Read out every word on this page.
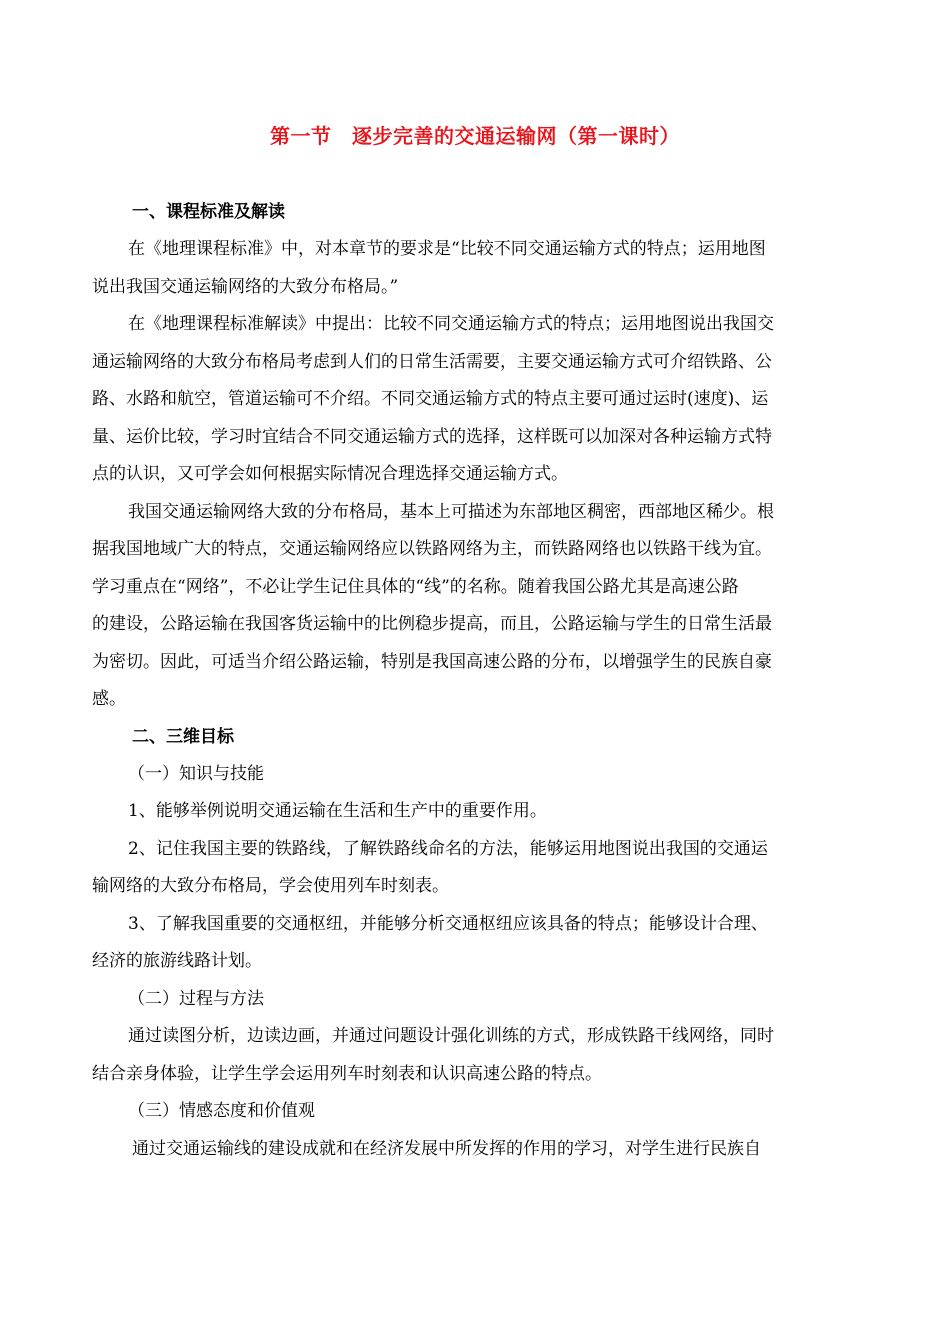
第一节　逐步完善的交通运输网（第一课时）
一、课程标准及解读
在《地理课程标准》中，对本章节的要求是“比较不同交通运输方式的特点；运用地图
说出我国交通运输网络的大致分布格局。”
在《地理课程标准解读》中提出：比较不同交通运输方式的特点；运用地图说出我国交
通运输网络的大致分布格局考虑到人们的日常生活需要，主要交通运输方式可介绍铁路、公
路、水路和航空，管道运输可不介绍。不同交通运输方式的特点主要可通过运时(速度)、运
量、运价比较，学习时宜结合不同交通运输方式的选择，这样既可以加深对各种运输方式特
点的认识，又可学会如何根据实际情况合理选择交通运输方式。
我国交通运输网络大致的分布格局，基本上可描述为东部地区稠密，西部地区稀少。根
据我国地域广大的特点，交通运输网络应以铁路网络为主，而铁路网络也以铁路干线为宜。
学习重点在“网络”，不必让学生记住具体的“线”的名称。随着我国公路尤其是高速公路
的建设，公路运输在我国客货运输中的比例稳步提高，而且，公路运输与学生的日常生活最
为密切。因此，可适当介绍公路运输，特别是我国高速公路的分布，以增强学生的民族自豪
感。
二、三维目标

（一）知识与技能

1、能够举例说明交通运输在生活和生产中的重要作用。
2、记住我国主要的铁路线，了解铁路线命名的方法，能够运用地图说出我国的交通运
输网络的大致分布格局，学会使用列车时刻表。
3、了解我国重要的交通枢纽，并能够分析交通枢纽应该具备的特点；能够设计合理、
经济的旅游线路计划。

（二）过程与方法

通过读图分析，边读边画，并通过问题设计强化训练的方式，形成铁路干线网络，同时
结合亲身体验，让学生学会运用列车时刻表和认识高速公路的特点。

（三）情感态度和价值观

通过交通运输线的建设成就和在经济发展中所发挥的作用的学习，对学生进行民族自
